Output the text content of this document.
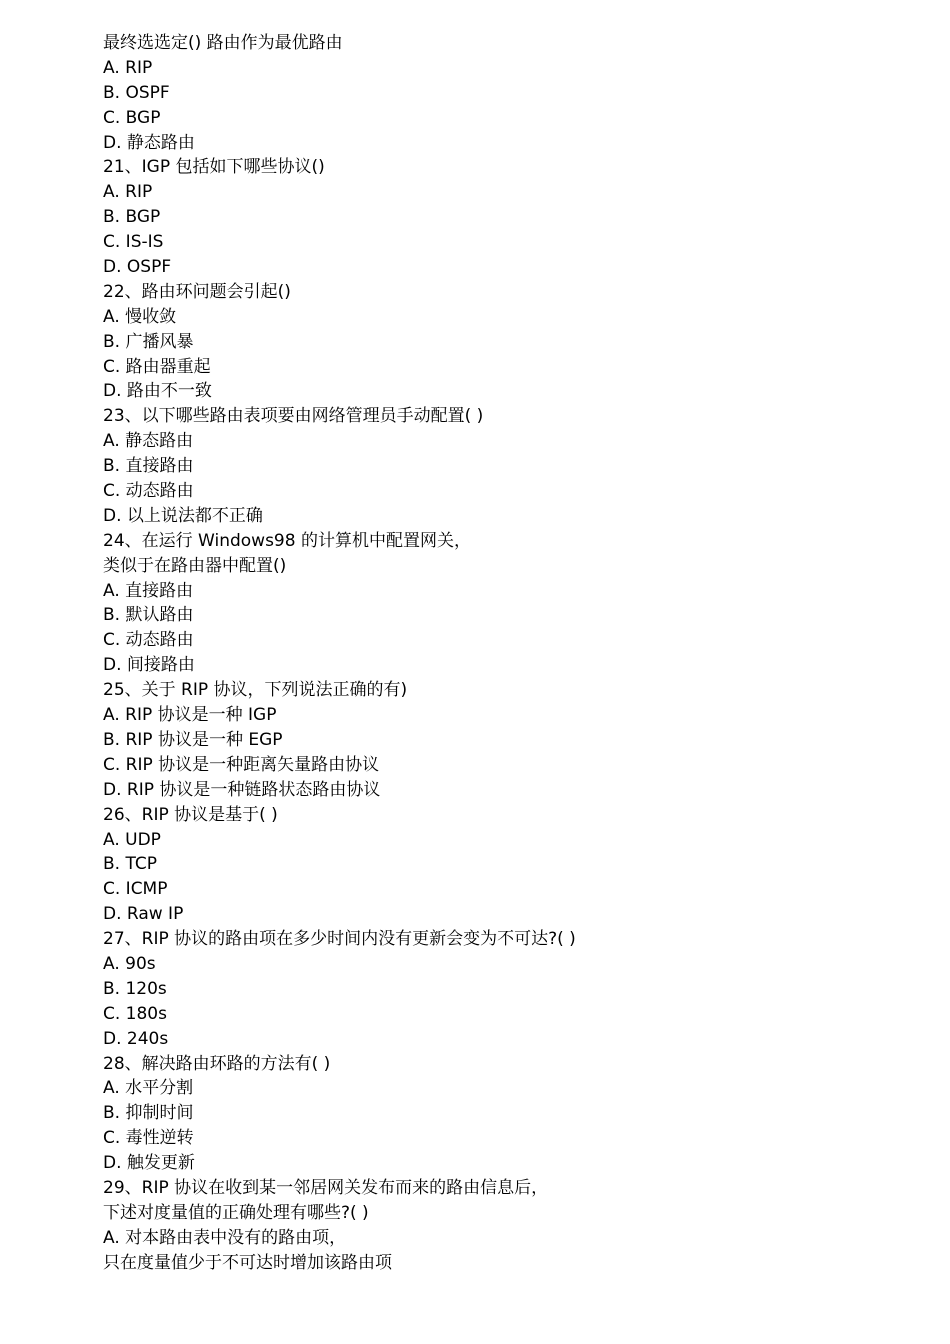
最终选选定() 路由作为最优路由
A. RIP
B. OSPF
C. BGP
D. 静态路由
21、IGP 包括如下哪些协议()
A. RIP
B. BGP
C. IS-IS
D. OSPF
22、路由环问题会引起()
A. 慢收敛
B. 广播风暴
C. 路由器重起
D. 路由不一致
23、以下哪些路由表项要由网络管理员手动配置( )
A. 静态路由
B. 直接路由
C. 动态路由
D. 以上说法都不正确
24、在运行 Windows98 的计算机中配置网关，
类似于在路由器中配置()
A. 直接路由
B. 默认路由
C. 动态路由
D. 间接路由
25、关于 RIP 协议，下列说法正确的有)
A. RIP 协议是一种 IGP
B. RIP 协议是一种 EGP
C. RIP 协议是一种距离矢量路由协议
D. RIP 协议是一种链路状态路由协议
26、RIP 协议是基于( )
A. UDP
B. TCP
C. ICMP
D. Raw IP
27、RIP 协议的路由项在多少时间内没有更新会变为不可达?( )
A. 90s
B. 120s
C. 180s
D. 240s
28、解决路由环路的方法有( )
A. 水平分割
B. 抑制时间
C. 毒性逆转
D. 触发更新
29、RIP 协议在收到某一邻居网关发布而来的路由信息后，
下述对度量值的正确处理有哪些?( )
A. 对本路由表中没有的路由项，
只在度量值少于不可达时增加该路由项
